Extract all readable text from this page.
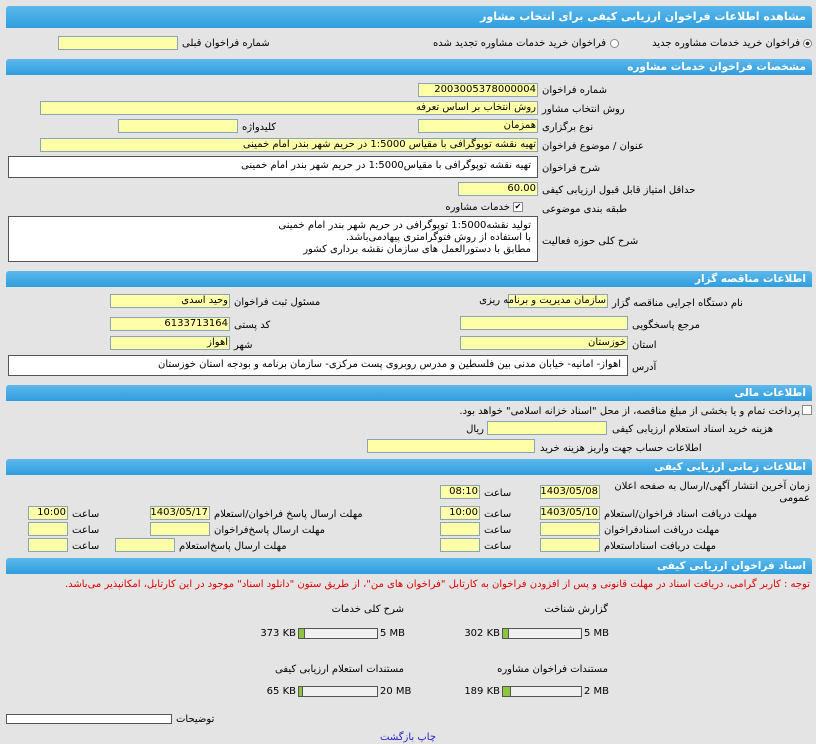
مشاهده اطلاعات فراخوان ارزیابی کیفی برای انتخاب مشاور
فراخوان خرید خدمات مشاوره جدید
فراخوان خرید خدمات مشاوره تجدید شده
شماره فراخوان قبلی
مشخصات فراخوان خدمات مشاوره
شماره فراخوان
2003005378000004
روش انتخاب مشاور
روش انتخاب بر اساس تعرفه
نوع برگزاری
همزمان
کلیدواژه
عنوان / موضوع فراخوان
تهیه نقشه توپوگرافی با مقیاس 1:5000 در حریم شهر بندر امام خمینی
شرح فراخوان
تهیه نقشه توپوگرافی با مقیاس1:5000 در حریم شهر بندر امام خمینی
حداقل امتیاز قابل قبول ارزیابی کیفی
60.00
طبقه بندی موضوعی
✔
خدمات مشاوره
شرح کلی حوزه فعالیت
تولید نقشه1:5000 توپوگرافی در حریم شهر بندر امام خمینی
با استفاده از روش فتوگرامتری پیهادمی‌باشد.
مطابق با دستورالعمل های سازمان نقشه برداری کشور
اطلاعات مناقصه گزار
نام دستگاه اجرایی مناقصه گزار
سازمان مدیریت و برنامه ریزی
مسئول ثبت فراخوان
وحید اسدی
مرجع پاسخگویی
کد پستی
6133713164
استان
خوزستان
شهر
اهواز
آدرس
اهواز- امانیه- خیابان مدنی بین فلسطین و مدرس روبروی پست مرکزی- سازمان برنامه و بودجه استان خوزستان
اطلاعات مالی
پرداخت تمام و یا بخشی از مبلغ مناقصه، از محل "اسناد خزانه اسلامی" خواهد بود.
هزینه خرید اسناد استعلام ارزیابی کیفی
ریال
اطلاعات حساب جهت واریز هزینه خرید
اطلاعات زمانی ارزیابی کیفی
زمان آخرین انتشار آگهی/ارسال به صفحه اعلان عمومی
1403/05/08
ساعت
08:10
مهلت دریافت اسناد فراخوان/استعلام
1403/05/10
ساعت
10:00
مهلت ارسال پاسخ فراخوان/استعلام
1403/05/17
ساعت
10:00
مهلت دریافت اسنادفراخوان
ساعت
مهلت ارسال پاسخ‌فراخوان
ساعت
مهلت دریافت اسناداستعلام
ساعت
مهلت ارسال پاسخ‌استعلام
ساعت
اسناد فراخوان ارزیابی کیفی
توجه : کاربر گرامی، دریافت اسناد در مهلت قانونی و پس از افزودن فراخوان به کارتابل "فراخوان های من"، از طریق ستون "دانلود اسناد" موجود در این کارتابل، امکانپذیر می‌باشد.
گزارش شناخت
5 MB
302 KB
شرح کلی خدمات
5 MB
373 KB
مستندات فراخوان مشاوره
2 MB
189 KB
مستندات استعلام ارزیابی کیفی
20 MB
65 KB
توضیحات
چاپ بازگشت
